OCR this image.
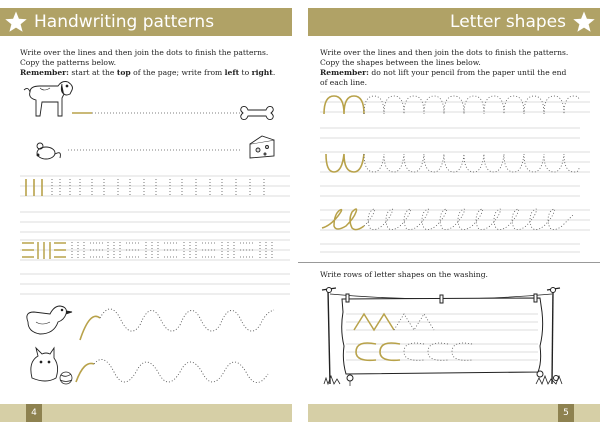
Handwriting patterns	Letter shapes
Write over the lines and then join the dots to finish the patterns.
Copy the patterns below.
Remember: start at the top of the page; write from left to right.
Write over the lines and then join the dots to finish the patterns.
Copy the shapes between the lines below.
Remember: do not lift your pencil from the paper until the end
of each line.
Write rows of letter shapes on the washing.
4	5
